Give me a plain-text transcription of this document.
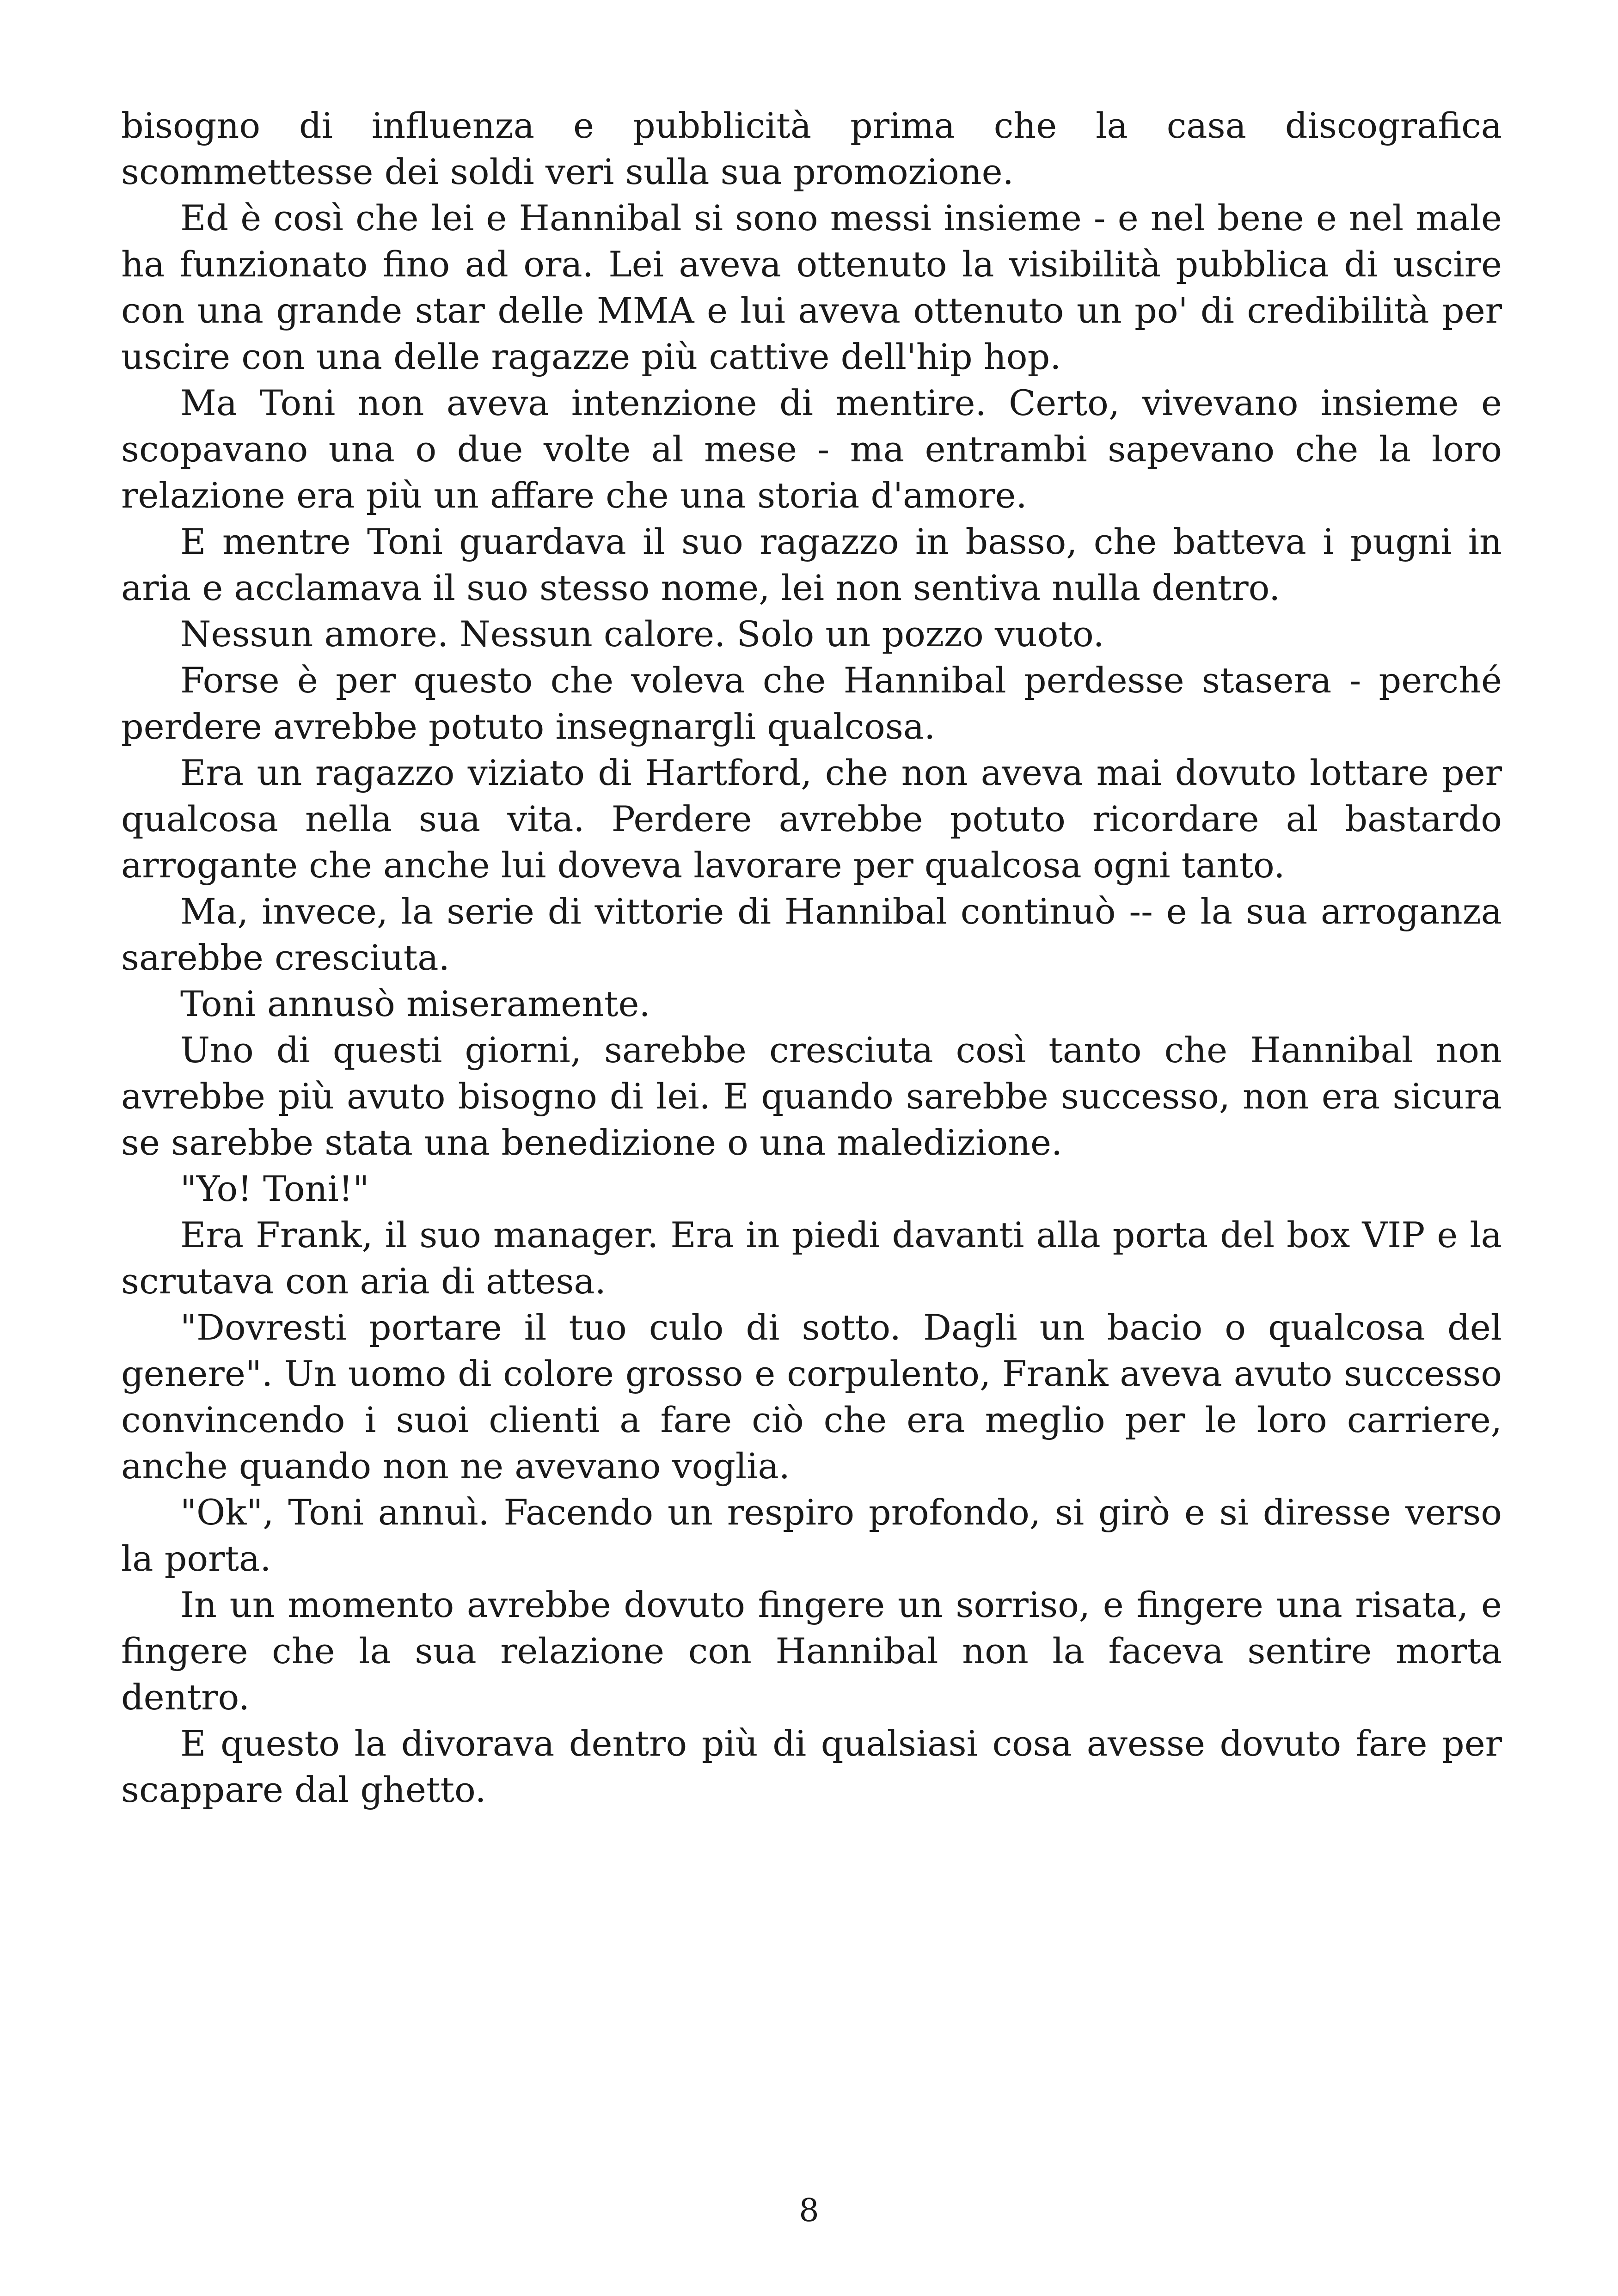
bisogno di influenza e pubblicità prima che la casa discografica scommettesse dei soldi veri sulla sua promozione.

Ed è così che lei e Hannibal si sono messi insieme - e nel bene e nel male ha funzionato fino ad ora. Lei aveva ottenuto la visibilità pubblica di uscire con una grande star delle MMA e lui aveva ottenuto un po' di credibilità per uscire con una delle ragazze più cattive dell'hip hop.

Ma Toni non aveva intenzione di mentire. Certo, vivevano insieme e scopavano una o due volte al mese - ma entrambi sapevano che la loro relazione era più un affare che una storia d'amore.

E mentre Toni guardava il suo ragazzo in basso, che batteva i pugni in aria e acclamava il suo stesso nome, lei non sentiva nulla dentro.

Nessun amore. Nessun calore. Solo un pozzo vuoto.

Forse è per questo che voleva che Hannibal perdesse stasera - perché perdere avrebbe potuto insegnargli qualcosa.

Era un ragazzo viziato di Hartford, che non aveva mai dovuto lottare per qualcosa nella sua vita. Perdere avrebbe potuto ricordare al bastardo arrogante che anche lui doveva lavorare per qualcosa ogni tanto.

Ma, invece, la serie di vittorie di Hannibal continuò -- e la sua arroganza sarebbe cresciuta.

Toni annusò miseramente.

Uno di questi giorni, sarebbe cresciuta così tanto che Hannibal non avrebbe più avuto bisogno di lei. E quando sarebbe successo, non era sicura se sarebbe stata una benedizione o una maledizione.

"Yo! Toni!"

Era Frank, il suo manager. Era in piedi davanti alla porta del box VIP e la scrutava con aria di attesa.

"Dovresti portare il tuo culo di sotto. Dagli un bacio o qualcosa del genere". Un uomo di colore grosso e corpulento, Frank aveva avuto successo convincendo i suoi clienti a fare ciò che era meglio per le loro carriere, anche quando non ne avevano voglia.

"Ok", Toni annuì. Facendo un respiro profondo, si girò e si diresse verso la porta.

In un momento avrebbe dovuto fingere un sorriso, e fingere una risata, e fingere che la sua relazione con Hannibal non la faceva sentire morta dentro.

E questo la divorava dentro più di qualsiasi cosa avesse dovuto fare per scappare dal ghetto.

8
